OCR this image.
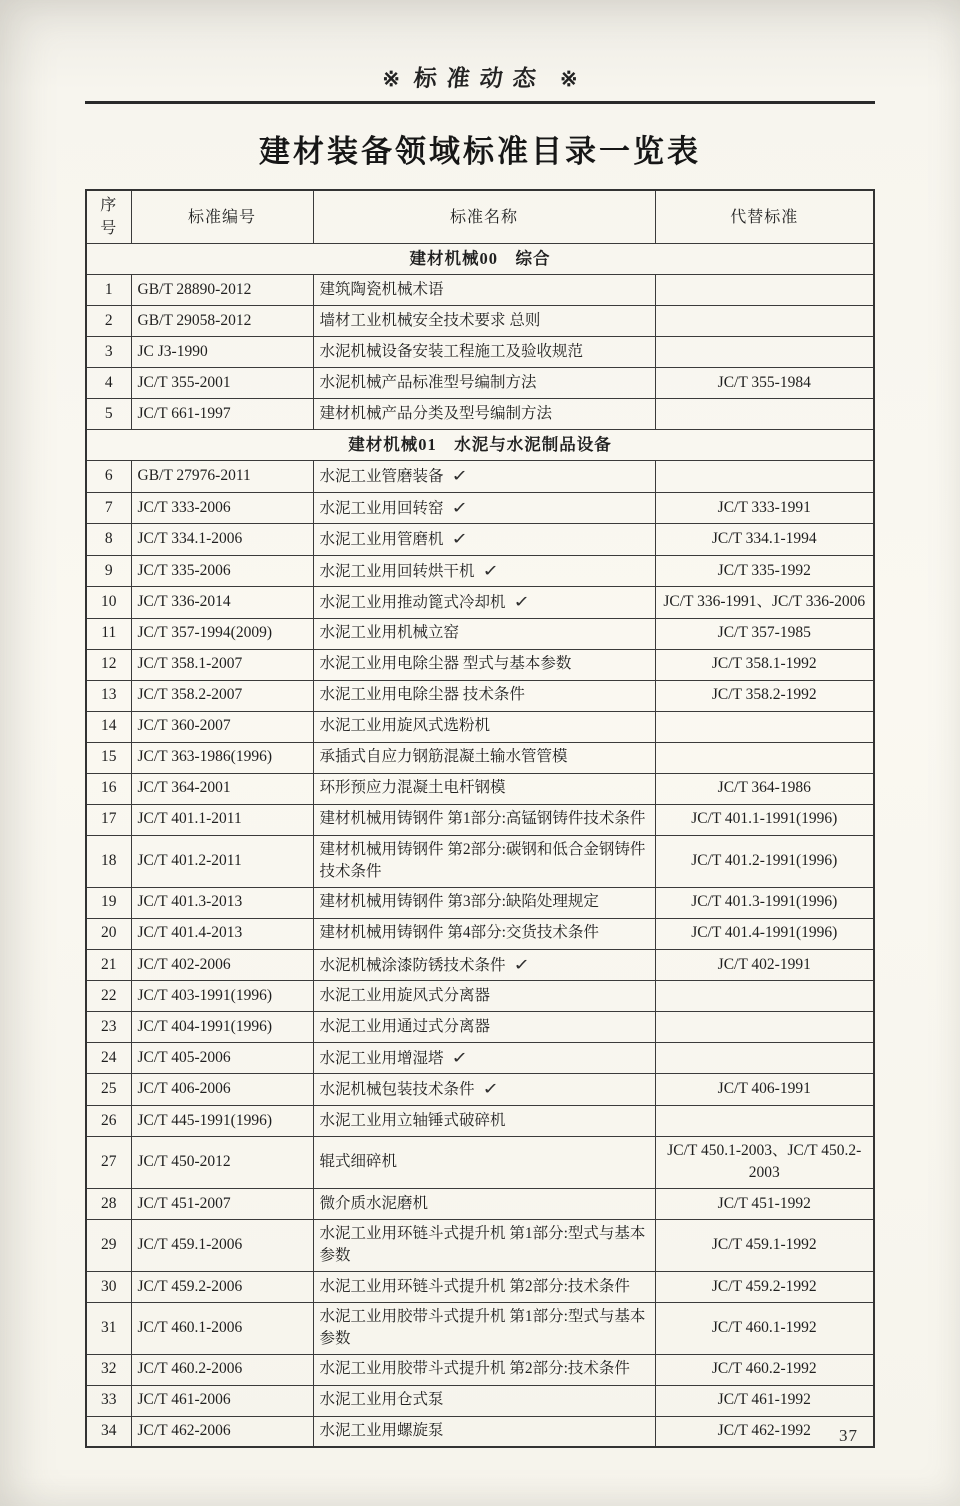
※ 标准动态 ※
建材装备领域标准目录一览表
序号	标准编号	标准名称	代替标准
建材机械00　综合			
1	GB/T 28890-2012	建筑陶瓷机械术语	
2	GB/T 29058-2012	墙材工业机械安全技术要求 总则	
3	JC J3-1990	水泥机械设备安装工程施工及验收规范	
4	JC/T 355-2001	水泥机械产品标准型号编制方法	JC/T 355-1984
5	JC/T 661-1997	建材机械产品分类及型号编制方法	
建材机械01　水泥与水泥制品设备			
6	GB/T 27976-2011	水泥工业管磨装备 ✓	
7	JC/T 333-2006	水泥工业用回转窑 ✓	JC/T 333-1991
8	JC/T 334.1-2006	水泥工业用管磨机 ✓	JC/T 334.1-1994
9	JC/T 335-2006	水泥工业用回转烘干机 ✓	JC/T 335-1992
10	JC/T 336-2014	水泥工业用推动篦式冷却机 ✓	JC/T 336-1991、JC/T 336-2006
11	JC/T 357-1994(2009)	水泥工业用机械立窑	JC/T 357-1985
12	JC/T 358.1-2007	水泥工业用电除尘器 型式与基本参数	JC/T 358.1-1992
13	JC/T 358.2-2007	水泥工业用电除尘器 技术条件	JC/T 358.2-1992
14	JC/T 360-2007	水泥工业用旋风式选粉机	
15	JC/T 363-1986(1996)	承插式自应力钢筋混凝土输水管管模	
16	JC/T 364-2001	环形预应力混凝土电杆钢模	JC/T 364-1986
17	JC/T 401.1-2011	建材机械用铸钢件 第1部分:高锰钢铸件技术条件	JC/T 401.1-1991(1996)
18	JC/T 401.2-2011	建材机械用铸钢件 第2部分:碳钢和低合金钢铸件技术条件	JC/T 401.2-1991(1996)
19	JC/T 401.3-2013	建材机械用铸钢件 第3部分:缺陷处理规定	JC/T 401.3-1991(1996)
20	JC/T 401.4-2013	建材机械用铸钢件 第4部分:交货技术条件	JC/T 401.4-1991(1996)
21	JC/T 402-2006	水泥机械涂漆防锈技术条件 ✓	JC/T 402-1991
22	JC/T 403-1991(1996)	水泥工业用旋风式分离器	
23	JC/T 404-1991(1996)	水泥工业用通过式分离器	
24	JC/T 405-2006	水泥工业用增湿塔 ✓	
25	JC/T 406-2006	水泥机械包装技术条件 ✓	JC/T 406-1991
26	JC/T 445-1991(1996)	水泥工业用立轴锤式破碎机	
27	JC/T 450-2012	辊式细碎机	JC/T 450.1-2003、JC/T 450.2-2003
28	JC/T 451-2007	微介质水泥磨机	JC/T 451-1992
29	JC/T 459.1-2006	水泥工业用环链斗式提升机 第1部分:型式与基本参数	JC/T 459.1-1992
30	JC/T 459.2-2006	水泥工业用环链斗式提升机 第2部分:技术条件	JC/T 459.2-1992
31	JC/T 460.1-2006	水泥工业用胶带斗式提升机 第1部分:型式与基本参数	JC/T 460.1-1992
32	JC/T 460.2-2006	水泥工业用胶带斗式提升机 第2部分:技术条件	JC/T 460.2-1992
33	JC/T 461-2006	水泥工业用仓式泵	JC/T 461-1992
34	JC/T 462-2006	水泥工业用螺旋泵	JC/T 462-1992 37
